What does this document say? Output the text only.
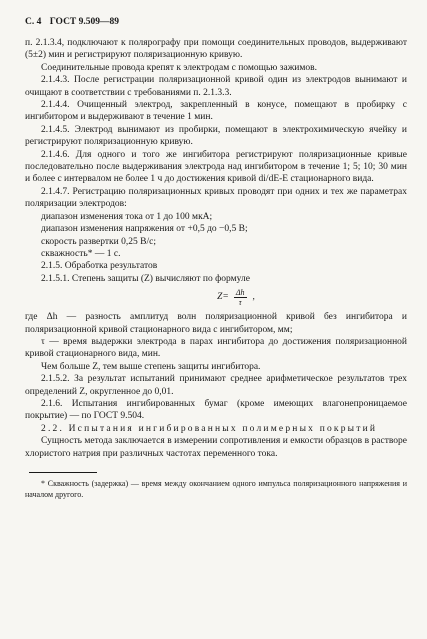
С. 4 ГОСТ 9.509—89

п. 2.1.3.4, подключают к полярографу при помощи соединительных проводов, выдерживают (5±2) мин и регистрируют поляризационную кривую.

Соединительные провода крепят к электродам с помощью зажимов.

2.1.4.3. После регистрации поляризационной кривой один из электродов вынимают и очищают в соответствии с требованиями п. 2.1.3.3.

2.1.4.4. Очищенный электрод, закрепленный в конусе, помещают в пробирку с ингибитором и выдерживают в течение 1 мин.

2.1.4.5. Электрод вынимают из пробирки, помещают в электрохимическую ячейку и регистрируют поляризационную кривую.

2.1.4.6. Для одного и того же ингибитора регистрируют поляризационные кривые последовательно после выдерживания электрода над ингибитором в течение 1; 5; 10; 30 мин и более с интервалом не более 1 ч до достижения кривой di/dE-E стационарного вида.

2.1.4.7. Регистрацию поляризационных кривых проводят при одних и тех же параметрах поляризации электродов:

диапазон изменения тока от 1 до 100 мкА;

диапазон изменения напряжения от +0,5 до −0,5 В;

скорость развертки 0,25 В/с;

скважность* — 1 с.

2.1.5. Обработка результатов

2.1.5.1. Степень защиты (Z) вычисляют по формуле

$Z= \frac{\Delta h}{\tau}$ ,

где Δh — разность амплитуд волн поляризационной кривой без ингибитора и поляризационной кривой стационарного вида с ингибитором, мм;

τ — время выдержки электрода в парах ингибитора до достижения поляризационной кривой стационарного вида, мин.

Чем больше Z, тем выше степень защиты ингибитора.

2.1.5.2. За результат испытаний принимают среднее арифметическое результатов трех определений Z, округленное до 0,01.

2.1.6. Испытания ингибированных бумаг (кроме имеющих влагонепроницаемое покрытие) — по ГОСТ 9.504.

2.2. Испытания ингибированных полимерных покрытий

Сущность метода заключается в измерении сопротивления и емкости образцов в растворе хлористого натрия при различных частотах переменного тока.

* Скважность (задержка) — время между окончанием одного импульса поляризационного напряжения и началом другого.
